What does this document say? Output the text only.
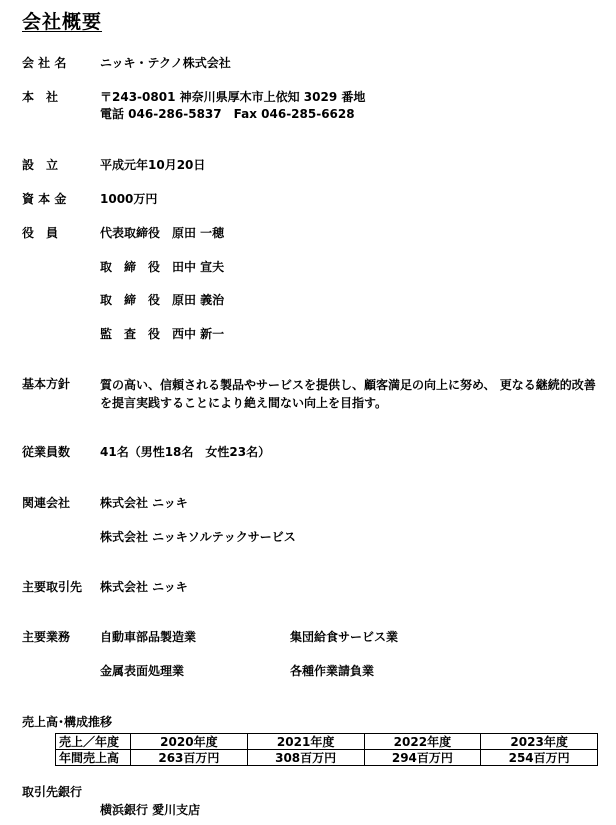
会社概要
会 社 名	ニッキ・テクノ株式会社
本　社	〒243-0801 神奈川県厚木市上依知 3029 番地
電話 046-286-5837　Fax 046-285-6628
設　立	平成元年10月20日
資 本 金	1000万円
役　員	代表取締役　原田 一穂
取　締　役　田中 宣夫
取　締　役　原田 義治
監　査　役　西中 新一
基本方針 質の高い、信頼される製品やサービスを提供し、顧客満足の向上に努め、 更なる継続的改善を提言実践することにより絶え間ない向上を目指す。
従業員数 41名（男性18名　女性23名）
関連会社 株式会社 ニッキ
株式会社 ニッキソルテックサービス
主要取引先 株式会社 ニッキ
主要業務 自動車部品製造業	集団給食サービス業
金属表面処理業	各種作業請負業
売上高･構成推移
売上／年度	2020年度	2021年度	2022年度	2023年度
年間売上高	263百万円	308百万円	294百万円	254百万円
取引先銀行
横浜銀行 愛川支店
